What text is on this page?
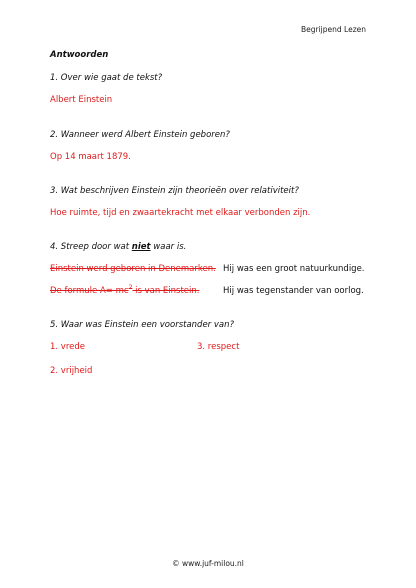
Begrijpend Lezen
Antwoorden

1. Over wie gaat de tekst?

Albert Einstein

2. Wanneer werd Albert Einstein geboren?

Op 14 maart 1879.

3. Wat beschrijven Einstein zijn theorieën over relativiteit?

Hoe ruimte, tijd en zwaartekracht met elkaar verbonden zijn.

4. Streep door wat niet waar is.

Einstein werd geboren in Denemarken. Hij was een groot natuurkundige.
De formule $A= mc^2$ is van Einstein.	Hij was tegenstander van oorlog.

5. Waar was Einstein een voorstander van?

1. vrede	3. respect
2. vrijheid
© www.juf-milou.nl
